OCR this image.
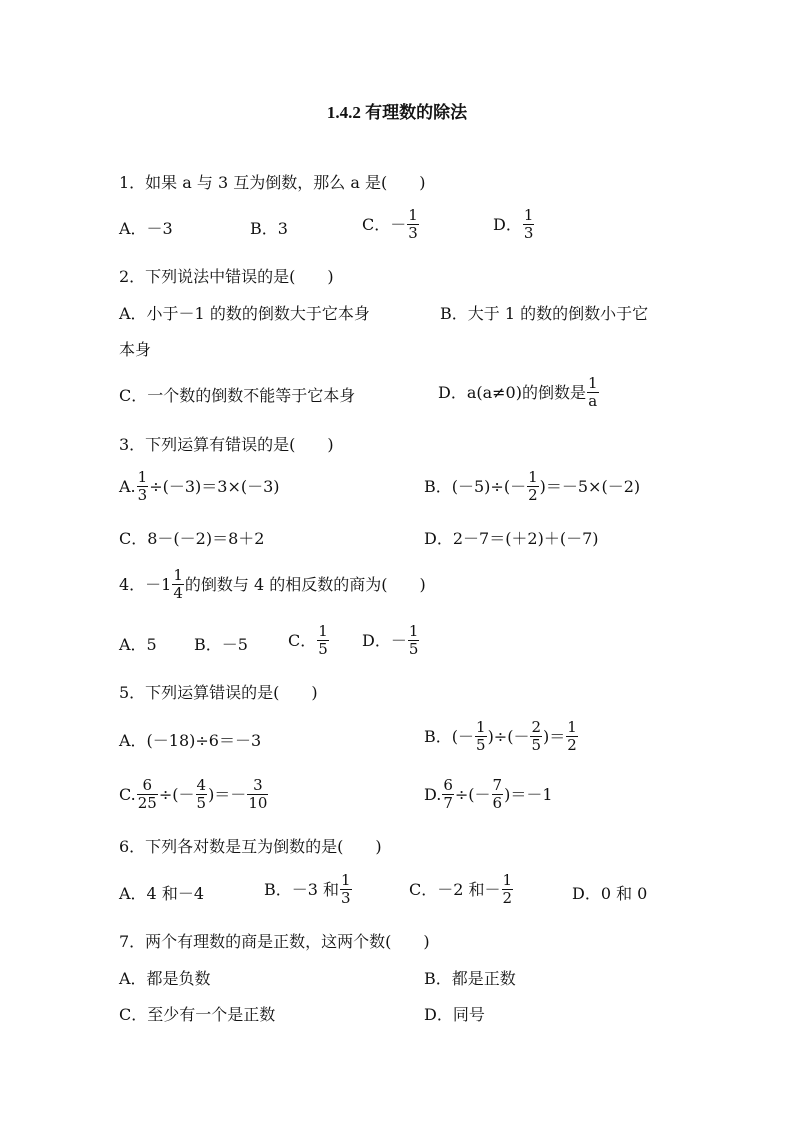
1.4.2 有理数的除法
1．如果 a 与 3 互为倒数，那么 a 是(　　)
A．－3	B．3	C．－ $\frac{1}{3}$	D． $\frac{1}{3}$
2．下列说法中错误的是(　　)
A．小于－1 的数的倒数大于它本身	B．大于 1 的数的倒数小于它
本身
C．一个数的倒数不能等于它本身	D．a(a≠0)的倒数是 $\frac{1}{a}$
3．下列运算有错误的是(　　)
A. $\frac{1}{3} \div(-3)=3\times(-3)$	B．$(-5)\div(- \frac{1}{2} )=-5\times(-2)$
C．8－(－2)＝8＋2	D．2－7＝(＋2)＋(－7)
4．$-1 \frac{1}{4}$ 的倒数与 4 的相反数的商为(　　)
A．5 B．－5	C． $\frac{1}{5}$ D．－ $\frac{1}{5}$
5．下列运算错误的是(　　)
A．(－18)÷6＝－3	B．(－ $\frac{1}{5}$ )÷(－ $\frac{2}{5}$ )＝ $\frac{1}{2}$
C. $\frac{6}{25}$ ÷(－ $\frac{4}{5}$ )＝－ $\frac{3}{10}$	D. $\frac{6}{7}$ ÷(－ $\frac{7}{6} )=-1$
6．下列各对数是互为倒数的是(　　)
A．4 和－4	B．－3 和 $\frac{1}{3}$	C．－2 和－ $\frac{1}{2}$	D．0 和 0
7．两个有理数的商是正数，这两个数(　　)
A．都是负数	B．都是正数
C．至少有一个是正数	D．同号
